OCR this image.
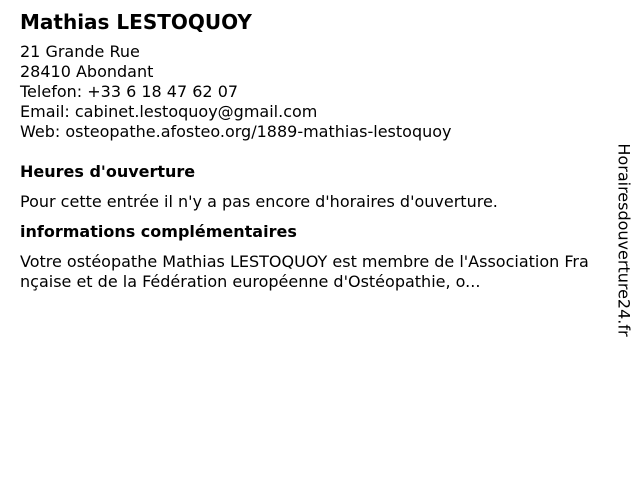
Mathias LESTOQUOY
21 Grande Rue
28410 Abondant
Telefon: +33 6 18 47 62 07
Email: cabinet.lestoquoy@gmail.com
Web: osteopathe.afosteo.org/1889-mathias-lestoquoy
Heures d'ouverture
Pour cette entrée il n'y a pas encore d'horaires d'ouverture.
informations complémentaires
Votre ostéopathe Mathias LESTOQUOY est membre de l'Association Française et de la Fédération européenne d'Ostéopathie, o...	Horairesdouverture24.fr
